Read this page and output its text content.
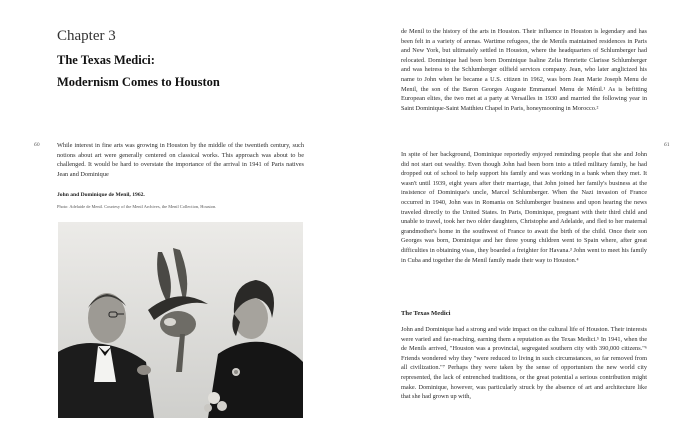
Chapter 3
The Texas Medici:
Modernism Comes to Houston
60	While interest in fine arts was growing in Houston by the middle of the twentieth century, such notions about art were generally centered on classical works. This approach was about to be challenged. It would be hard to overstate the importance of the arrival in 1941 of Paris natives Jean and Dominique

John and Dominique de Menil, 1962.
Photo: Adelaide de Menil. Courtesy of the Menil Archives, the Menil Collection, Houston.
61

de Menil to the history of the arts in Houston. Their influence in Houston is legendary and has been felt in a variety of arenas. Wartime refugees, the de Menils maintained residences in Paris and New York, but ultimately settled in Houston, where the headquarters of Schlumberger had relocated. Dominique had been born Dominique Isaline Zelia Henriette Clarisse Schlumberger and was heiress to the Schlumberger oilfield services company. Jean, who later anglicized his name to John when he became a U.S. citizen in 1962, was born Jean Marie Joseph Menu de Menil, the son of the Baron Georges Auguste Emmanuel Menu de Ménil.¹ As is befitting European elites, the two met at a party at Versailles in 1930 and married the following year in Saint Dominique-Saint Matthieu Chapel in Paris, honeymooning in Morocco.²

In spite of her background, Dominique reportedly enjoyed reminding people that she and John did not start out wealthy. Even though John had been born into a titled military family, he had dropped out of school to help support his family and was working in a bank when they met. It wasn't until 1939, eight years after their marriage, that John joined her family's business at the insistence of Dominique's uncle, Marcel Schlumberger. When the Nazi invasion of France occurred in 1940, John was in Romania on Schlumberger business and upon hearing the news traveled directly to the United States. In Paris, Dominique, pregnant with their third child and unable to travel, took her two older daughters, Christophe and Adelaide, and fled to her maternal grandmother's home in the southwest of France to await the birth of the child. Once their son Georges was born, Dominique and her three young children went to Spain where, after great difficulties in obtaining visas, they boarded a freighter for Havana.³ John went to meet his family in Cuba and together the de Menil family made their way to Houston.⁴

The Texas Medici

John and Dominique had a strong and wide impact on the cultural life of Houston. Their interests were varied and far-reaching, earning them a reputation as the Texas Medici.⁵ In 1941, when the de Menils arrived, "Houston was a provincial, segregated southern city with 390,000 citizens."⁶ Friends wondered why they "were reduced to living in such circumstances, so far removed from all civilization."⁷ Perhaps they were taken by the sense of opportunism the new world city represented, the lack of entrenched traditions, or the great potential a serious contribution might make. Dominique, however, was particularly struck by the absence of art and architecture like that she had grown up with,
